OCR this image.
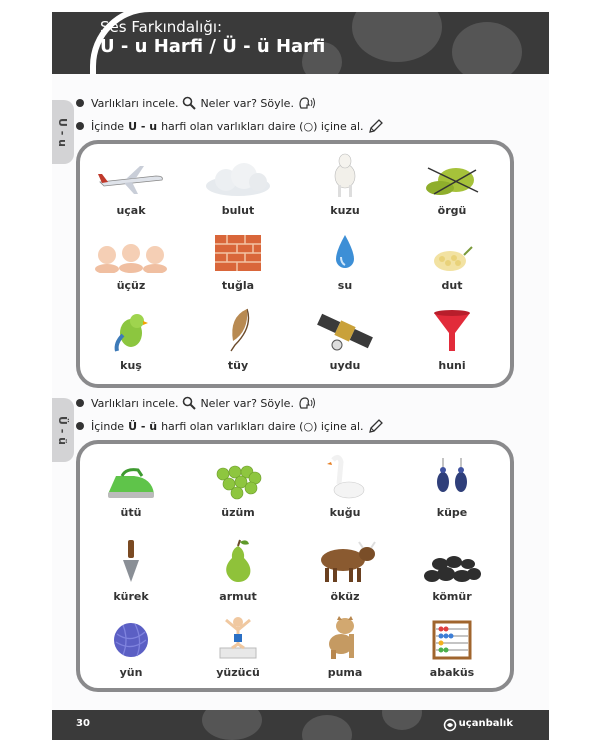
Ses Farkındalığı:
U - u Harfi / Ü - ü Harfi
U - u
Varlıkları incele. Neler var? Söyle.
İçinde U - u harfi olan varlıkları daire (○) içine al.
uçak	bulut	kuzu	örgü
üçüz	tuğla	su	dut
kuş	tüy	uydu	huni
Ü - ü
Varlıkları incele. Neler var? Söyle.
İçinde Ü - ü harfi olan varlıkları daire (○) içine al.
ütü	üzüm	kuğu	küpe
kürek	armut	öküz	kömür
yün	yüzücü	puma	abaküs
30	uçanbalık
